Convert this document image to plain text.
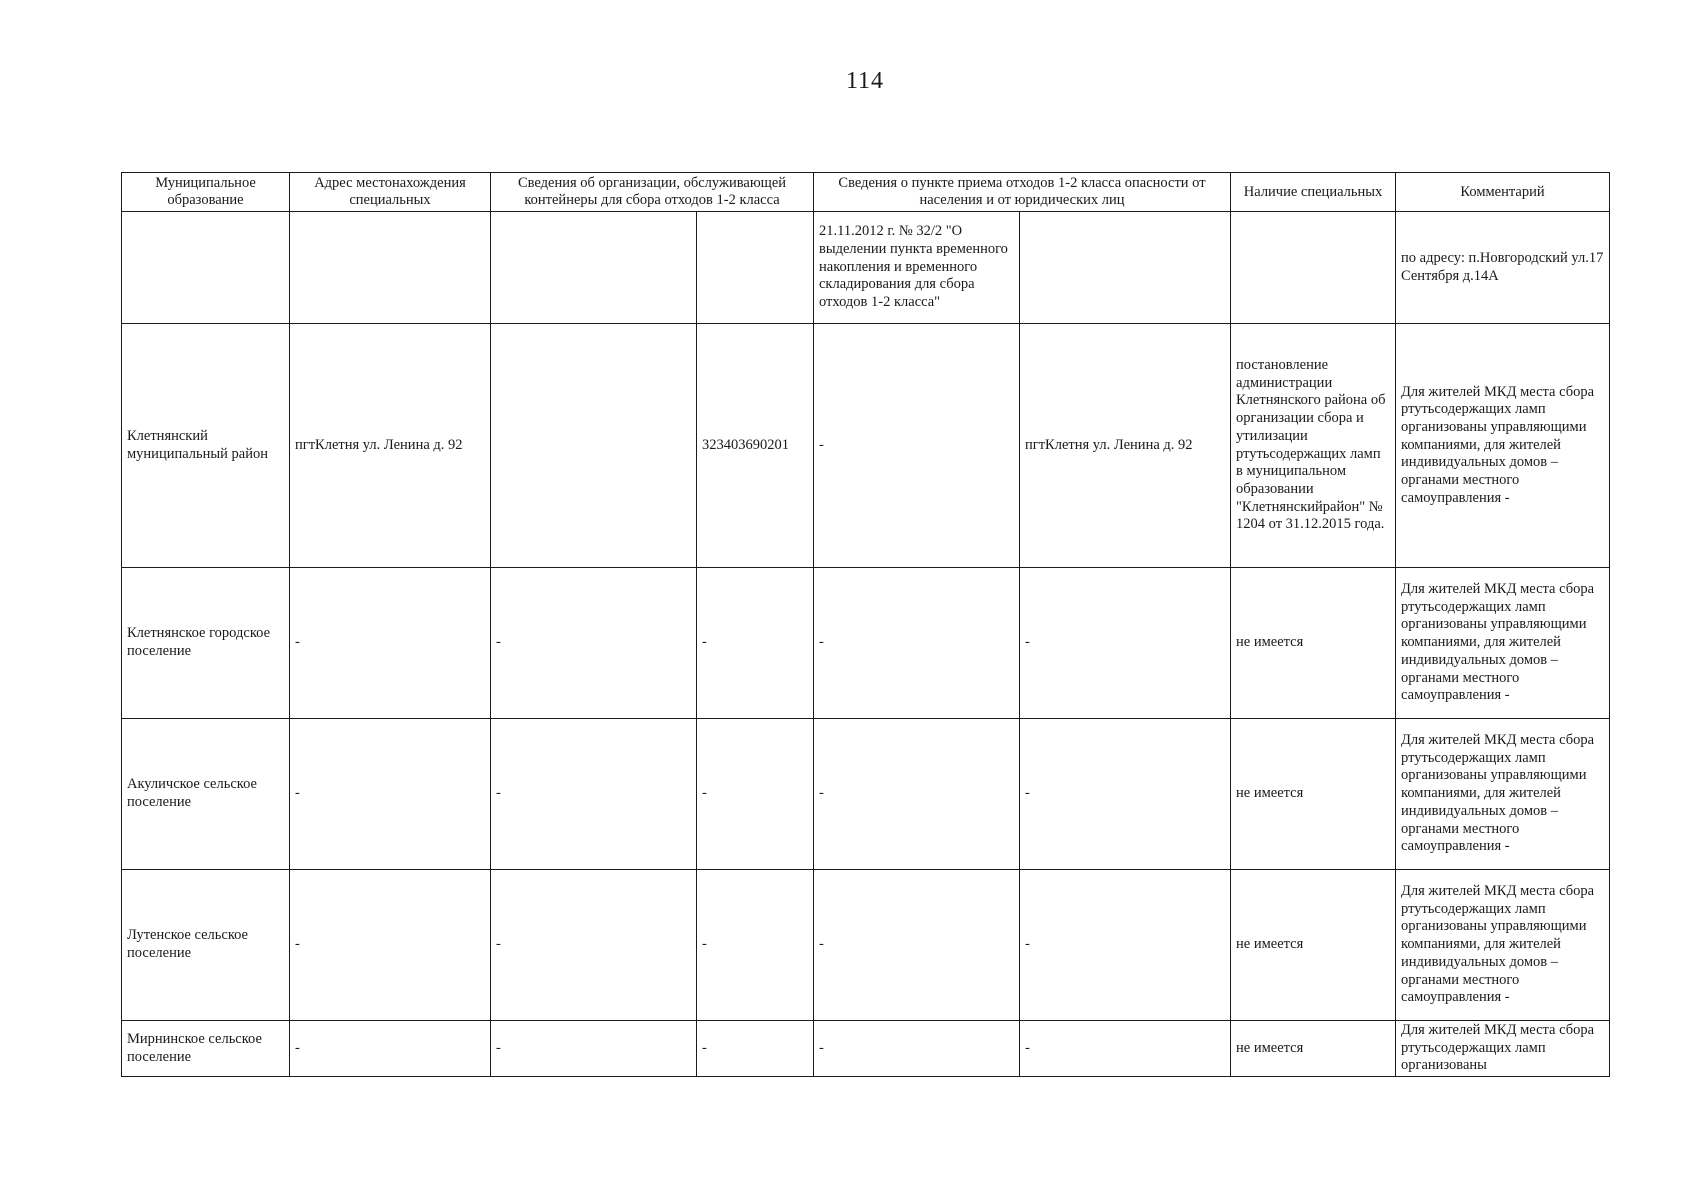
114
Муниципальное образование	Адрес местонахождения специальных	Сведения об организации, обслуживающей контейнеры для сбора отходов 1-2 класса		Сведения о пункте приема отходов 1-2 класса опасности от населения и от юридических лиц		Наличие специальных	Комментарий
				21.11.2012 г. № 32/2 "О выделении пункта временного накопления и временного складирования для сбора отходов 1-2 класса"			по адресу: п.Новгородский ул.17 Сентября д.14А
Клетнянский муниципальный район	пгтКлетня ул. Ленина д. 92		323403690201	-	пгтКлетня ул. Ленина д. 92	постановление администрации Клетнянского района об организации сбора и утилизации ртутьсодержащих ламп в муниципальном образовании "Клетнянскийрайон" № 1204 от 31.12.2015 года.	Для жителей МКД места сбора ртутьсодержащих ламп организованы управляющими компаниями, для жителей индивидуальных домов – органами местного самоуправления -
Клетнянское городское поселение	-	-	-	-	-	не имеется	Для жителей МКД места сбора ртутьсодержащих ламп организованы управляющими компаниями, для жителей индивидуальных домов – органами местного самоуправления -
Акуличское сельское поселение	-	-	-	-	-	не имеется	Для жителей МКД места сбора ртутьсодержащих ламп организованы управляющими компаниями, для жителей индивидуальных домов – органами местного самоуправления -
Лутенское сельское поселение	-	-	-	-	-	не имеется	Для жителей МКД места сбора ртутьсодержащих ламп организованы управляющими компаниями, для жителей индивидуальных домов – органами местного самоуправления -
Мирнинское сельское поселение	-	-	-	-	-	не имеется	Для жителей МКД места сбора ртутьсодержащих ламп организованы
